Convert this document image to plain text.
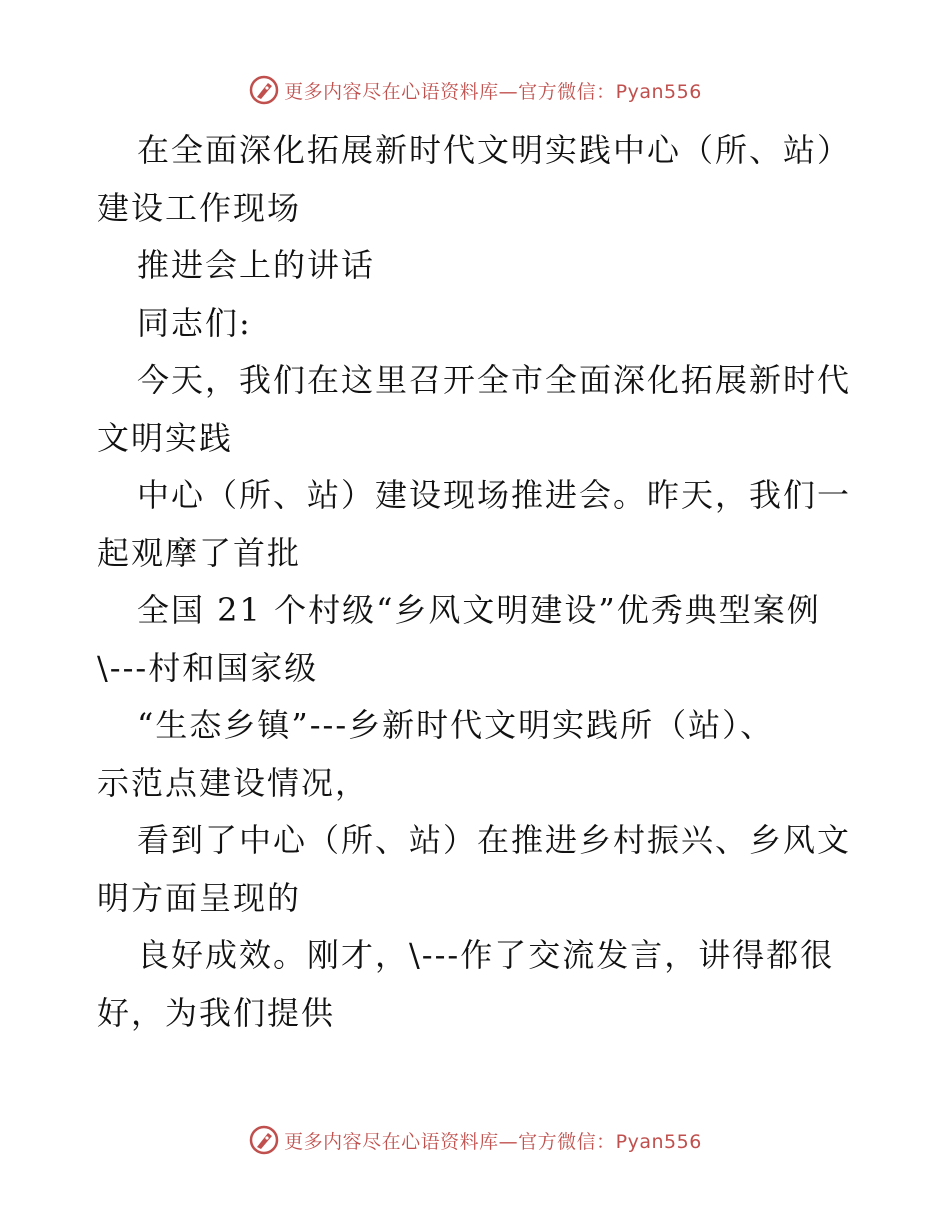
更多内容尽在心语资料库—官方微信：Pyan556
在全面深化拓展新时代文明实践中心（所、站）
建设工作现场
推进会上的讲话
同志们:
今天，我们在这里召开全市全面深化拓展新时代
文明实践
中心（所、站）建设现场推进会。昨天，我们一
起观摩了首批
全国 21 个村级“乡风文明建设”优秀典型案例
\---村和国家级
“生态乡镇”---乡新时代文明实践所（站）、
示范点建设情况，
看到了中心（所、站）在推进乡村振兴、乡风文
明方面呈现的
良好成效。刚才，\---作了交流发言，讲得都很
好，为我们提供
更多内容尽在心语资料库—官方微信：Pyan556
